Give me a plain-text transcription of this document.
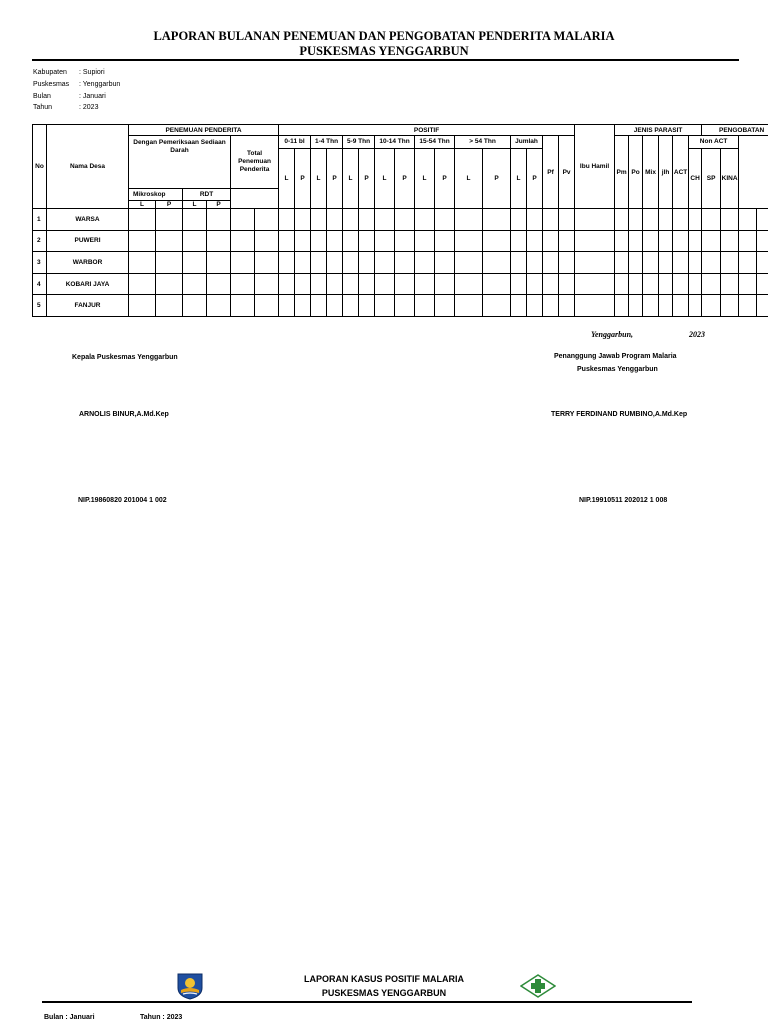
LAPORAN BULANAN PENEMUAN DAN PENGOBATAN PENDERITA MALARIA
PUSKESMAS YENGGARBUN
Kabupaten : Supiori
Puskesmas : Yenggarbun
Bulan	: Januari
Tahun	: 2023
No	Nama Desa	PENEMUAN PENDERITA						POSITIF																Ibu Hamil	JENIS PARASIT						PENGOBATAN			
		Dengan Pemeriksaan Sediaan Darah				Total Penemuan Penderita		0-11 bl		1-4 Thn		5-9 Thn		10-14 Thn		15-54 Thn		> 54 Thn		Jumlah		Pf	Pv		Pm	Po	Mix	jlh	ACT	Non ACT				
								L	P	L	P	L	P	L	P	L	P	L	P	L	P									CH	SP	KINA		
		Mikroskop		RDT																														
		L	P	L	P																													
1	WARSA																																	
2	PUWERI																																	
3	WARBOR																																	
4	KOBARI JAYA																																	
5	FANJUR																																	
Yenggarbun,	2023
Kepala Puskesmas Yenggarbun
ARNOLIS BINUR,A.Md.Kep
NIP.19860820 201004 1 002
Penanggung Jawab Program Malaria
Puskesmas Yenggarbun
TERRY FERDINAND RUMBINO,A.Md.Kep
NIP.19910511 202012 1 008
LAPORAN KASUS POSITIF MALARIA
PUSKESMAS YENGGARBUN
Bulan : Januari	Tahun : 2023
